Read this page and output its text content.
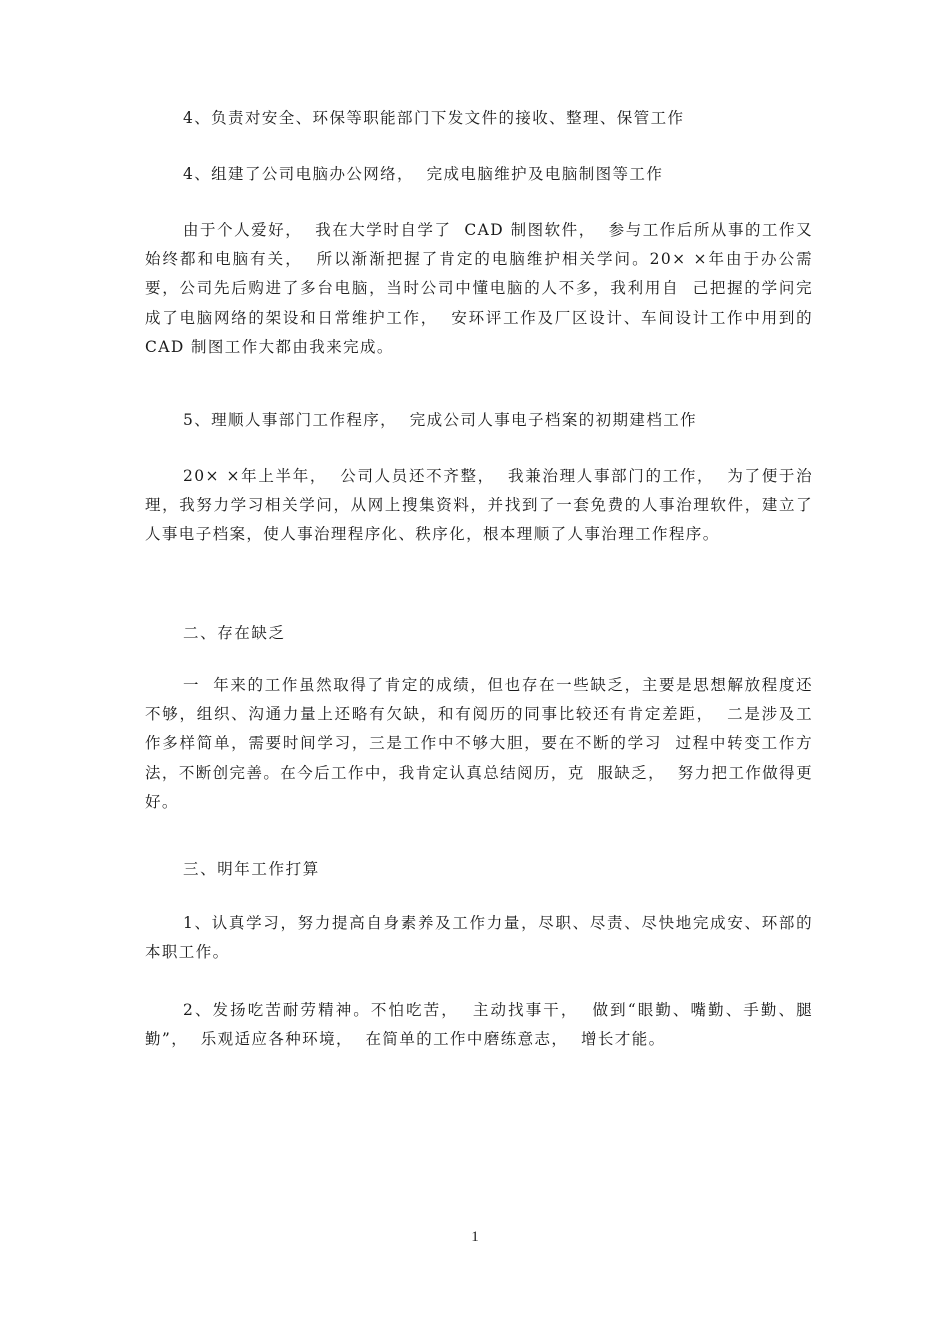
4、负责对安全、环保等职能部门下发文件的接收、整理、保管工作

4、组建了公司电脑办公网络，  完成电脑维护及电脑制图等工作

由于个人爱好，  我在大学时自学了  CAD 制图软件，  参与工作后所从事的工作又始终都和电脑有关，  所以渐渐把握了肯定的电脑维护相关学问。20× ×年由于办公需要，公司先后购进了多台电脑，当时公司中懂电脑的人不多，我利用自  己把握的学问完成了电脑网络的架设和日常维护工作，  安环评工作及厂区设计、车间设计工作中用到的  CAD 制图工作大都由我来完成。

5、理顺人事部门工作程序，  完成公司人事电子档案的初期建档工作

20× ×年上半年，  公司人员还不齐整，  我兼治理人事部门的工作，  为了便于治理，我努力学习相关学问，从网上搜集资料，并找到了一套免费的人事治理软件，建立了人事电子档案，使人事治理程序化、秩序化，根本理顺了人事治理工作程序。

二、存在缺乏

一  年来的工作虽然取得了肯定的成绩，但也存在一些缺乏，主要是思想解放程度还不够，组织、沟通力量上还略有欠缺，和有阅历的同事比较还有肯定差距，  二是涉及工作多样简单，需要时间学习，三是工作中不够大胆，要在不断的学习  过程中转变工作方法，不断创完善。在今后工作中，我肯定认真总结阅历，克  服缺乏，  努力把工作做得更好。

三、明年工作打算

1、认真学习，努力提高自身素养及工作力量，尽职、尽责、尽快地完成安、环部的本职工作。

2、发扬吃苦耐劳精神。不怕吃苦，  主动找事干，  做到“眼勤、嘴勤、手勤、腿勤”，  乐观适应各种环境，  在简单的工作中磨练意志，  增长才能。

1
